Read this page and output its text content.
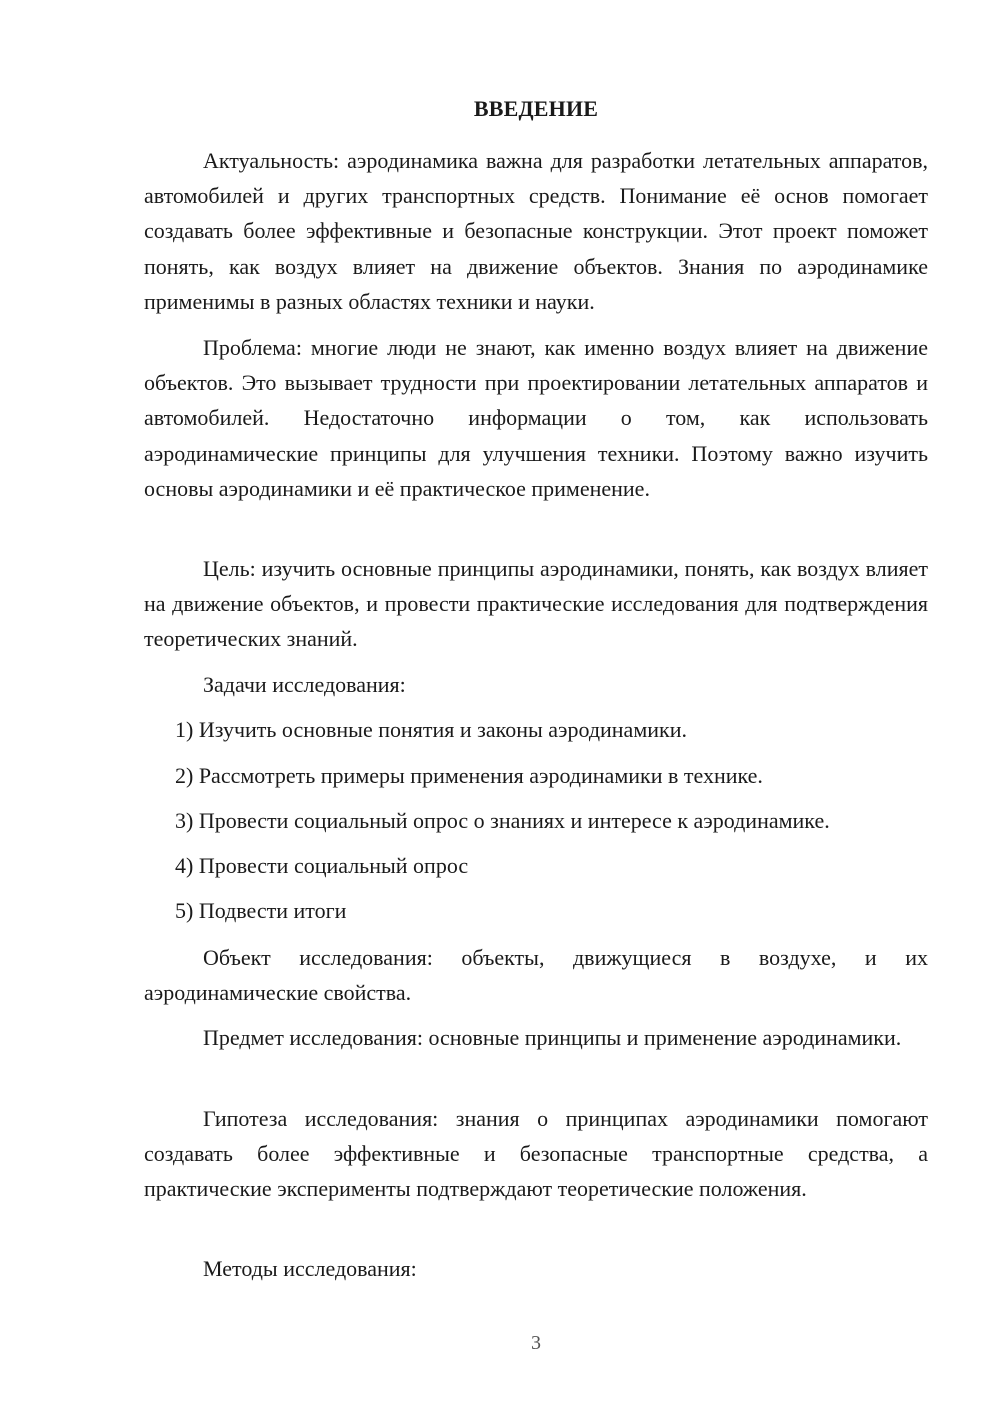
ВВЕДЕНИЕ

Актуальность: аэродинамика важна для разработки летательных аппаратов, автомобилей и других транспортных средств. Понимание её основ помогает создавать более эффективные и безопасные конструкции. Этот проект поможет понять, как воздух влияет на движение объектов. Знания по аэродинамике применимы в разных областях техники и науки.

Проблема: многие люди не знают, как именно воздух влияет на движение объектов. Это вызывает трудности при проектировании летательных аппаратов и автомобилей. Недостаточно информации о том, как использовать аэродинамические принципы для улучшения техники. Поэтому важно изучить основы аэродинамики и её практическое применение.

Цель: изучить основные принципы аэродинамики, понять, как воздух влияет на движение объектов, и провести практические исследования для подтверждения теоретических знаний.

Задачи исследования:

1) Изучить основные понятия и законы аэродинамики.

2) Рассмотреть примеры применения аэродинамики в технике.

3) Провести социальный опрос о знаниях и интересе к аэродинамике.

4) Провести социальный опрос

5) Подвести итоги

Объект исследования: объекты, движущиеся в воздухе, и их аэродинамические свойства.

Предмет исследования: основные принципы и применение аэродинамики.

Гипотеза исследования: знания о принципах аэродинамики помогают создавать более эффективные и безопасные транспортные средства, а практические эксперименты подтверждают теоретические положения.

Методы исследования:

3
